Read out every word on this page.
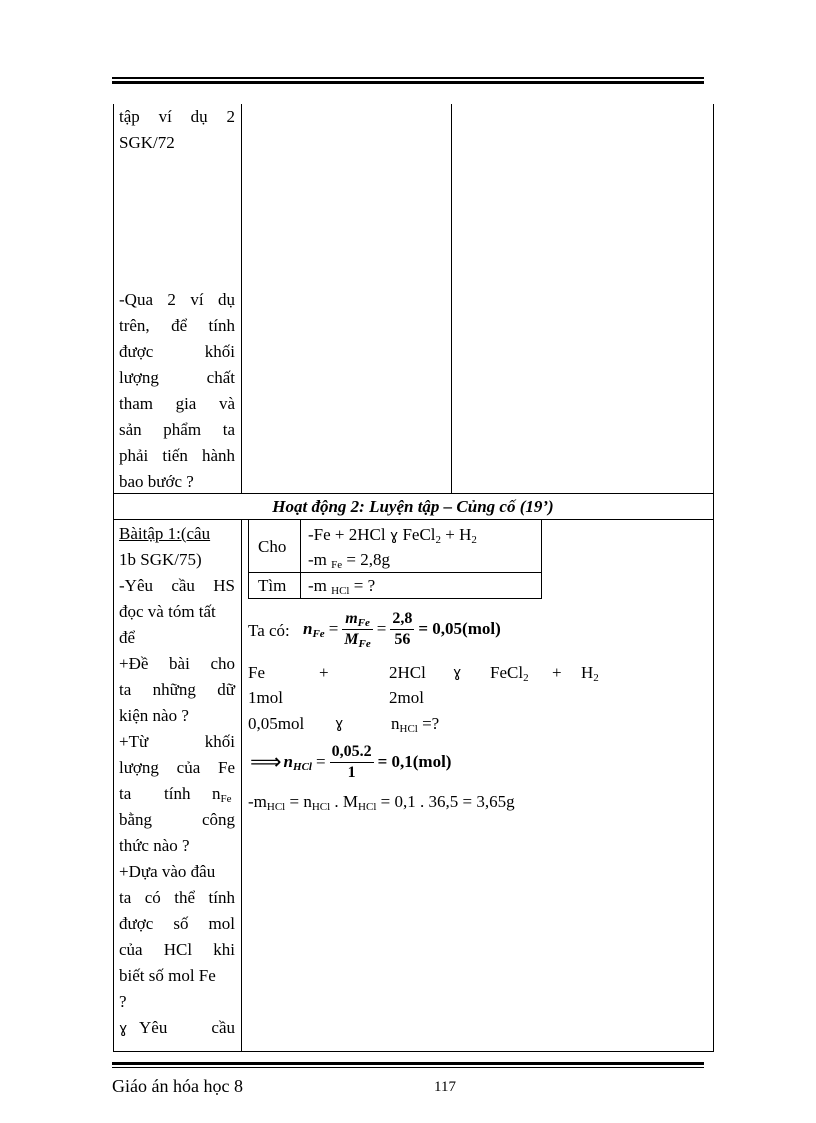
tập ví dụ 2
SGK/72
-Qua 2 ví dụ
trên, để tính
được khối
lượng chất
tham gia và
sản phẩm ta
phải tiến hành
bao bước ?
Hoạt động 2: Luyện tập – Củng cố (19’)
Bàitập 1:(câu
1b SGK/75)
-Yêu cầu HS
đọc và tóm tất
để
+Đề bài cho
ta những dữ
kiện nào ?
+Từ khối
lượng của Fe
ta tính $n_{Fe}$
bằng công
thức nào ?
+Dựa vào đâu
ta có thể tính
được số mol
của HCl khi
biết số mol Fe
?
ɣ Yêu cầu
Cho
-Fe + 2HCl ɣ FeCl$_2$ + $H_2$
-m $_{Fe}$ = 2,8g
Tìm -m $_{HCl}$ = ?
Ta có: $n_{Fe} = \frac{m_{Fe}}{M_{Fe}} = \frac{2,8}{56} = 0,05(mol)$
Fe	+	2HCl ɣ FeCl$_2$ + $H_2$
1mol	2mol
0,05mol ɣ	$n_{HCl}$ =?
⟹ $n_{HCl} = \frac{0,05.2}{1} = 0,1(mol)$
$-m_{HCl} = n_{HCl}$ . $M_{HCl} = 0,1$ . 36,5 = 3,65g
Giáo án hóa học 8	117
